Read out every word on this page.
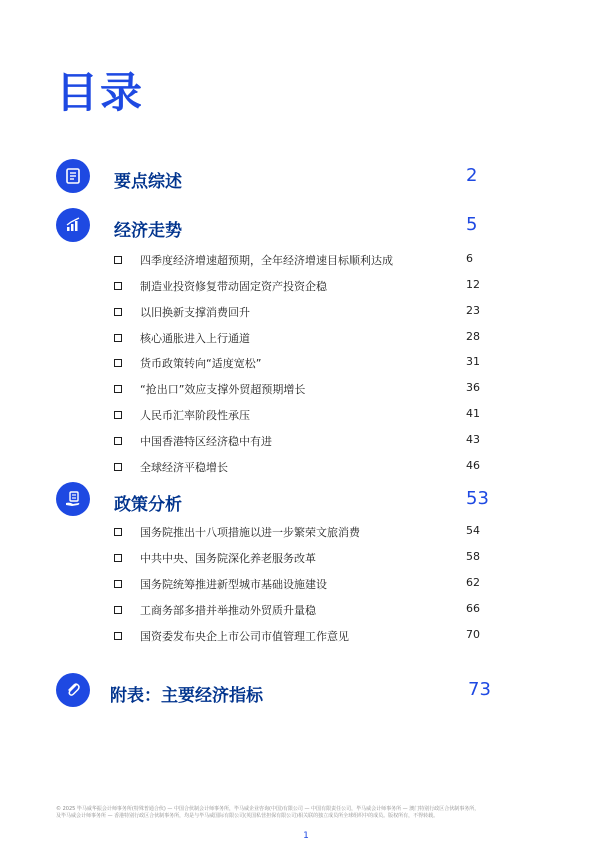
目录
要点综述	2
经济走势	5
四季度经济增速超预期，全年经济增速目标顺利达成	6
制造业投资修复带动固定资产投资企稳	12
以旧换新支撑消费回升	23
核心通胀进入上行通道	28
货币政策转向“适度宽松”	31
“抢出口”效应支撑外贸超预期增长	36
人民币汇率阶段性承压	41
中国香港特区经济稳中有进	43
全球经济平稳增长	46
政策分析	53
国务院推出十八项措施以进一步繁荣文旅消费	54
中共中央、国务院深化养老服务改革	58
国务院统筹推进新型城市基础设施建设	62
工商务部多措并举推动外贸质升量稳	66
国资委发布央企上市公司市值管理工作意见	70
附表：主要经济指标	73
© 2025 毕马威华振会计师事务所(特殊普通合伙) — 中国合伙制会计师事务所，毕马威企业咨询(中国)有限公司 — 中国有限责任公司，毕马威会计师事务所 — 澳门特别行政区合伙制事务所，
及毕马威会计师事务所 — 香港特别行政区合伙制事务所，均是与毕马威国际有限公司(英国私营担保有限公司)相关联的独立成员所全球组织中的成员。版权所有，不得转载。
1
